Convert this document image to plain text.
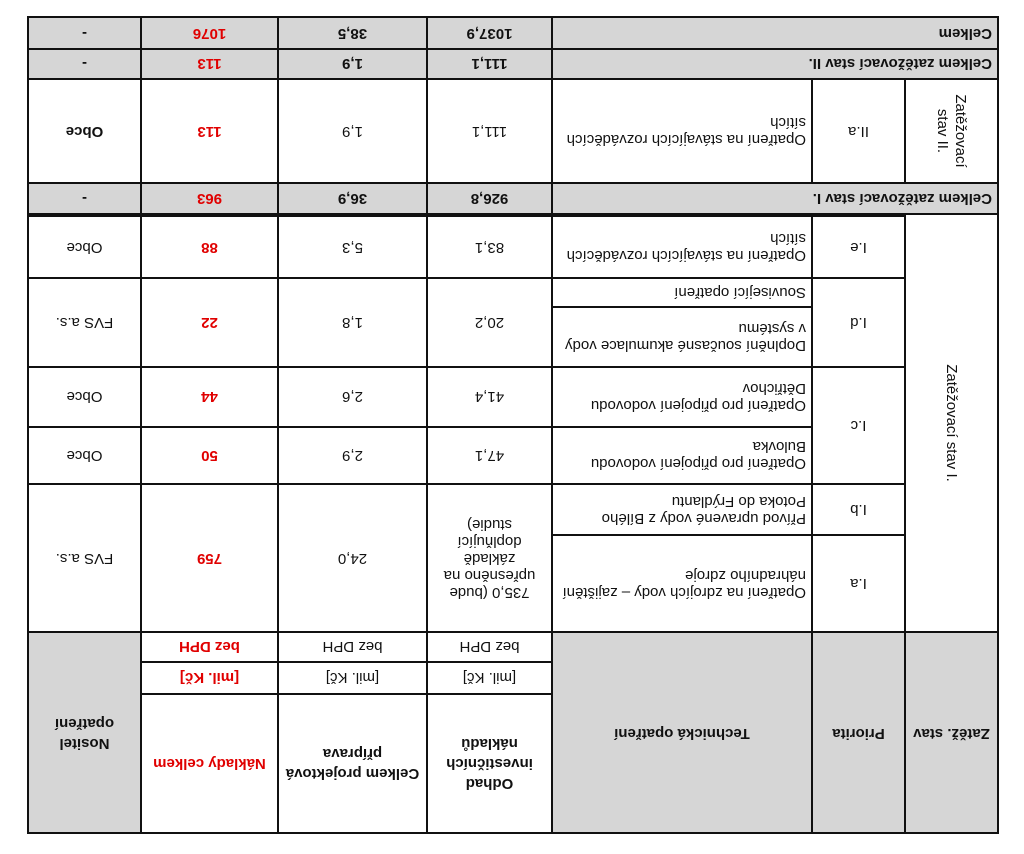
Zatěž. stav	Priorita	Technická opatření	Odhad investičních nákladů	Celkem projektová příprava	Náklady celkem	Nositel opatření
			[mil. Kč]	[mil. Kč]	[mil. Kč]	
			bez DPH	bez DPH	bez DPH	

Zatěžovací stav I.	I.a	Opatření na zdrojích vody – zajištění náhradního zdroje	735,0 (bude upřesněno na základě doplňující studie)	24,0	759	FVS a.s.
	I.b	Přívod upravené vody z Bílého Potoka do Frýdlantu				
	I.c	Opatření pro připojení vodovodu Bulovka	47,1	2,9	50	Obce
		Opatření pro připojení vodovodu Dětřichov	41,4	2,6	44	Obce
	I.d	Doplnění současné akumulace vody v systému	20,2	1,8	22	FVS a.s.
		Související opatření				
	I.e	Opatření na stávajících rozváděcích sítích	83,1	5,3	88	Obce

Celkem zatěžovací stav I.			926,8	36,9	963	-

Zatěžovací stav II.	II.a	Opatření na stávajících rozváděcích sítích	111,1	1,9	113	Obce
Celkem zatěžovací stav II.			111,1	1,9	113	-
Celkem			1037,9	38,5	1076	-
